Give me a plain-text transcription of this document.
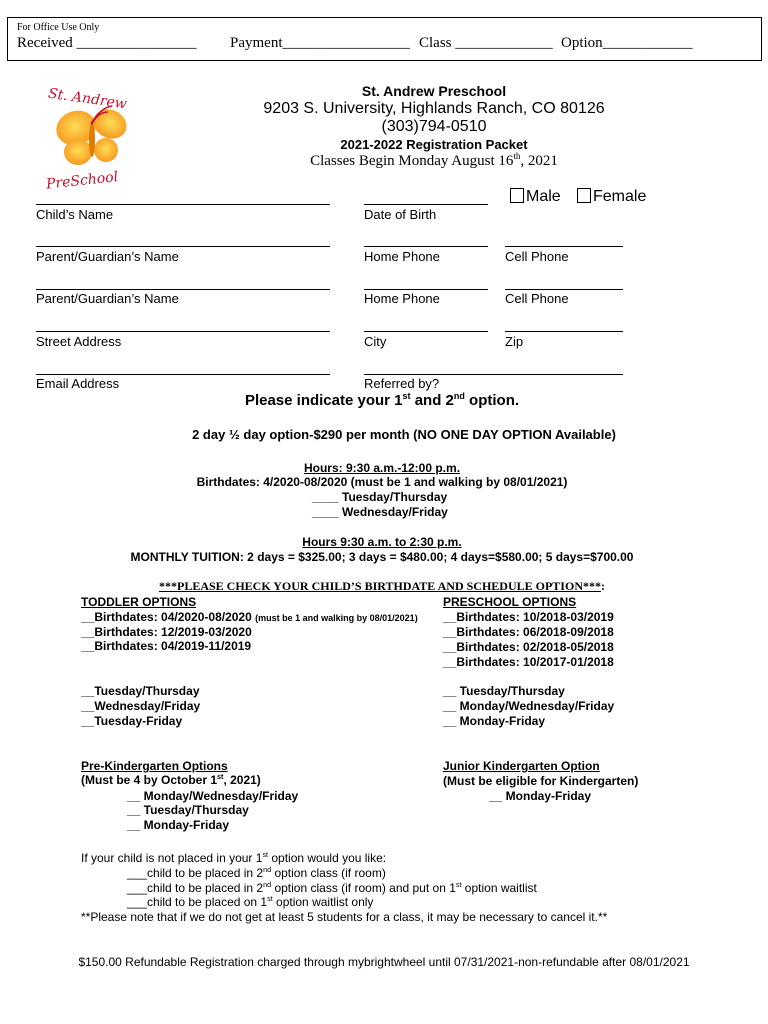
For Office Use Only
Received ________________ Payment_________________ Class _____________ Option____________
St. Andrew
PreSchool
St. Andrew Preschool
9203 S. University, Highlands Ranch, CO 80126
(303)794-0510
2021-2022 Registration Packet
Classes Begin Monday August 16th, 2021
Male	Female
Child’s Name	Date of Birth
Parent/Guardian’s Name	Home Phone	Cell Phone
Parent/Guardian’s Name	Home Phone	Cell Phone
Street Address	City	Zip
Email Address	Referred by?
Please indicate your 1st and 2nd option.
2 day ½ day option-$290 per month (NO ONE DAY OPTION Available)
Hours: 9:30 a.m.-12:00 p.m.
Birthdates: 4/2020-08/2020 (must be 1 and walking by 08/01/2021)
____ Tuesday/Thursday
____ Wednesday/Friday
Hours 9:30 a.m. to 2:30 p.m.
MONTHLY TUITION: 2 days = $325.00; 3 days = $480.00; 4 days=$580.00; 5 days=$700.00
***PLEASE CHECK YOUR CHILD’S BIRTHDATE AND SCHEDULE OPTION***:
TODDLER OPTIONS
__Birthdates: 04/2020-08/2020 (must be 1 and walking by 08/01/2021)
__Birthdates: 12/2019-03/2020
__Birthdates: 04/2019-11/2019
__Tuesday/Thursday
__Wednesday/Friday
__Tuesday-Friday
PRESCHOOL OPTIONS
__Birthdates: 10/2018-03/2019
__Birthdates: 06/2018-09/2018
__Birthdates: 02/2018-05/2018
__Birthdates: 10/2017-01/2018
__ Tuesday/Thursday
__ Monday/Wednesday/Friday
__ Monday-Friday
Pre-Kindergarten Options
(Must be 4 by October 1st, 2021)
__ Monday/Wednesday/Friday
__ Tuesday/Thursday
__ Monday-Friday
Junior Kindergarten Option
(Must be eligible for Kindergarten)
__ Monday-Friday
If your child is not placed in your 1st option would you like:
___child to be placed in 2nd option class (if room)
___child to be placed in 2nd option class (if room) and put on 1st option waitlist
___child to be placed on 1st option waitlist only
**Please note that if we do not get at least 5 students for a class, it may be necessary to cancel it.**
$150.00 Refundable Registration charged through mybrightwheel until 07/31/2021-non-refundable after 08/01/2021
